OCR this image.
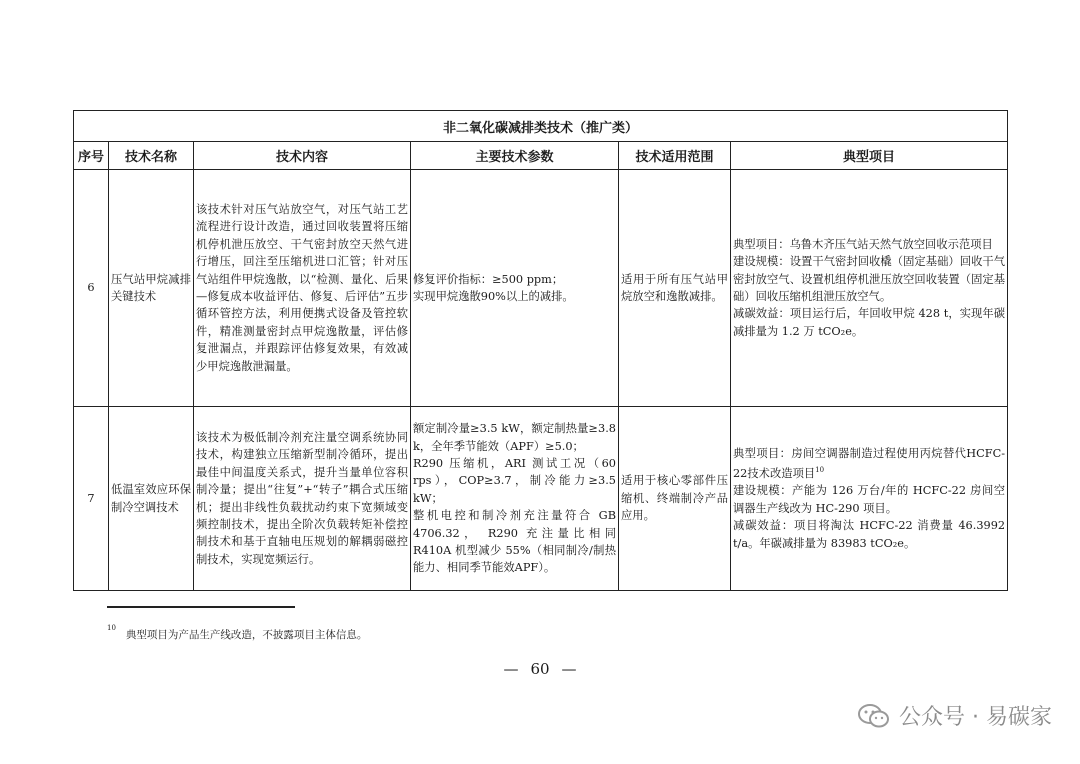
非二氧化碳减排类技术（推广类）					
序号	技术名称	技术内容	主要技术参数	技术适用范围	典型项目
6	压气站甲烷减排关键技术	该技术针对压气站放空气，对压气站工艺流程进行设计改造，通过回收装置将压缩机停机泄压放空、干气密封放空天然气进行增压，回注至压缩机进口汇管；针对压气站组件甲烷逸散，以“检测、量化、后果—修复成本收益评估、修复、后评估”五步循环管控方法，利用便携式设备及管控软件，精准测量密封点甲烷逸散量，评估修复泄漏点，并跟踪评估修复效果，有效减少甲烷逸散泄漏量。	修复评价指标：≥500 ppm；
实现甲烷逸散90%以上的减排。	适用于所有压气站甲烷放空和逸散减排。	典型项目：乌鲁木齐压气站天然气放空回收示范项目
建设规模：设置干气密封回收橇（固定基础）回收干气密封放空气、设置机组停机泄压放空回收装置（固定基础）回收压缩机组泄压放空气。
减碳效益：项目运行后，年回收甲烷 428 t，实现年碳减排量为 1.2 万 tCO₂e。
7	低温室效应环保制冷空调技术	该技术为极低制冷剂充注量空调系统协同技术，构建独立压缩新型制冷循环，提出最佳中间温度关系式，提升当量单位容积制冷量；提出“往复”+“转子”耦合式压缩机；提出非线性负载扰动约束下宽频域变频控制技术，提出全阶次负载转矩补偿控制技术和基于直轴电压规划的解耦弱磁控制技术，实现宽频运行。	额定制冷量≥3.5 kW，额定制热量≥3.8 k，全年季节能效（APF）≥5.0；
R290 压缩机，ARI 测试工况（60 rps），COP≥3.7，制冷能力≥3.5 kW；
整机电控和制冷剂充注量符合 GB 4706.32， R290 充注量比相同 R410A 机型减少 55%（相同制冷/制热能力、相同季节能效APF）。	适用于核心零部件压缩机、终端制冷产品应用。	典型项目：房间空调器制造过程使用丙烷替代HCFC-22技术改造项目$^{10}$
建设规模：产能为 126 万台/年的 HCFC-22 房间空调器生产线改为 HC-290 项目。
减碳效益：项目将淘汰 HCFC-22 消费量 46.3992 t/a。年碳减排量为 83983 tCO₂e。
$^{10}$典型项目为产品生产线改造，不披露项目主体信息。
— 60 —
公众号 · 易碳家
